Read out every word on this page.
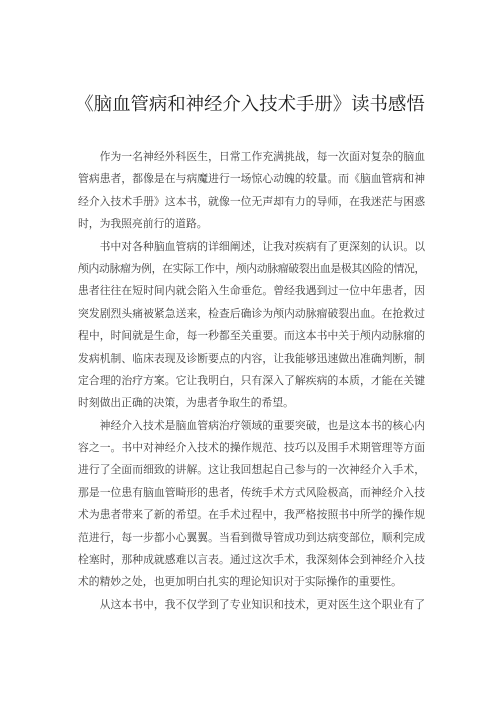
《脑血管病和神经介入技术手册》读书感悟
作为一名神经外科医生，日常工作充满挑战，每一次面对复杂的脑血
管病患者，都像是在与病魔进行一场惊心动魄的较量。而《脑血管病和神
经介入技术手册》这本书，就像一位无声却有力的导师，在我迷茫与困惑
时，为我照亮前行的道路。
书中对各种脑血管病的详细阐述，让我对疾病有了更深刻的认识。以
颅内动脉瘤为例，在实际工作中，颅内动脉瘤破裂出血是极其凶险的情况，
患者往往在短时间内就会陷入生命垂危。曾经我遇到过一位中年患者，因
突发剧烈头痛被紧急送来，检查后确诊为颅内动脉瘤破裂出血。在抢救过
程中，时间就是生命，每一秒都至关重要。而这本书中关于颅内动脉瘤的
发病机制、临床表现及诊断要点的内容，让我能够迅速做出准确判断，制
定合理的治疗方案。它让我明白，只有深入了解疾病的本质，才能在关键
时刻做出正确的决策，为患者争取生的希望。
神经介入技术是脑血管病治疗领域的重要突破，也是这本书的核心内
容之一。书中对神经介入技术的操作规范、技巧以及围手术期管理等方面
进行了全面而细致的讲解。这让我回想起自己参与的一次神经介入手术，
那是一位患有脑血管畸形的患者，传统手术方式风险极高，而神经介入技
术为患者带来了新的希望。在手术过程中，我严格按照书中所学的操作规
范进行，每一步都小心翼翼。当看到微导管成功到达病变部位，顺利完成
栓塞时，那种成就感难以言表。通过这次手术，我深刻体会到神经介入技
术的精妙之处，也更加明白扎实的理论知识对于实际操作的重要性。
从这本书中，我不仅学到了专业知识和技术，更对医生这个职业有了
